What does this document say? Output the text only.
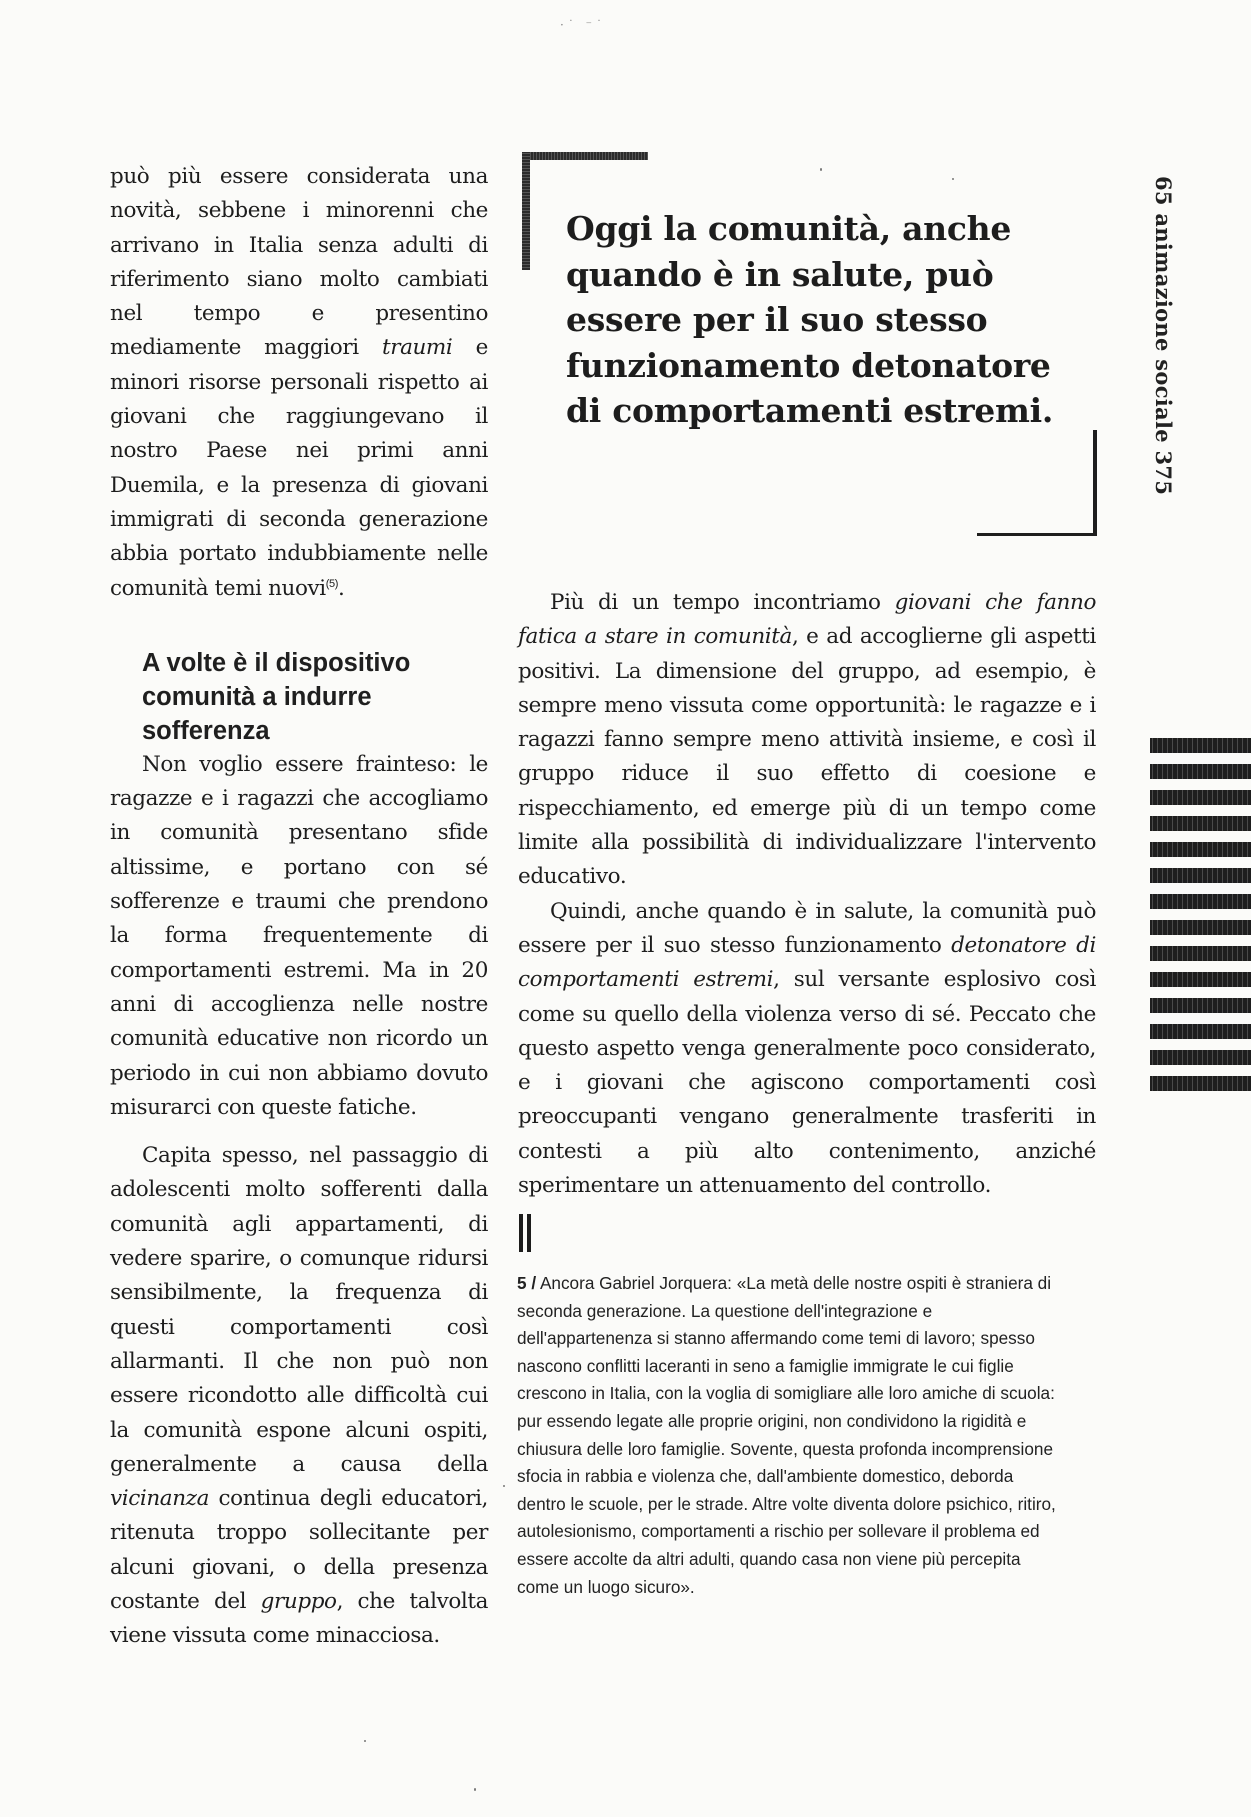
·˙ ⁻˙

può più essere considerata una novità, sebbene i minorenni che arrivano in Italia senza adulti di riferimento siano molto cambiati nel tempo e presentino mediamente maggiori traumi e minori risorse personali rispetto ai giovani che raggiungevano il nostro Paese nei primi anni Duemila, e la presenza di giovani immigrati di seconda generazione abbia portato indubbiamente nelle comunità temi nuovi$^{(5)}$.

A volte è il dispositivo comunità a indurre sofferenza

Non voglio essere frainteso: le ragazze e i ragazzi che accogliamo in comunità presentano sfide altissime, e portano con sé sofferenze e traumi che prendono la forma frequentemente di comportamenti estremi. Ma in 20 anni di accoglienza nelle nostre comunità educative non ricordo un periodo in cui non abbiamo dovuto misurarci con queste fatiche.

Capita spesso, nel passaggio di adolescenti molto sofferenti dalla comunità agli appartamenti, di vedere sparire, o comunque ridursi sensibilmente, la frequenza di questi comportamenti così allarmanti. Il che non può non essere ricondotto alle difficoltà cui la comunità espone alcuni ospiti, generalmente a causa della vicinanza continua degli educatori, ritenuta troppo sollecitante per alcuni giovani, o della presenza costante del gruppo, che talvolta viene vissuta come minacciosa.

Oggi la comunità, anche quando è in salute, può essere per il suo stesso funzionamento detonatore di comportamenti estremi.

Più di un tempo incontriamo giovani che fanno fatica a stare in comunità, e ad accoglierne gli aspetti positivi. La dimensione del gruppo, ad esempio, è sempre meno vissuta come opportunità: le ragazze e i ragazzi fanno sempre meno attività insieme, e così il gruppo riduce il suo effetto di coesione e rispecchiamento, ed emerge più di un tempo come limite alla possibilità di individualizzare l'intervento educativo.

Quindi, anche quando è in salute, la comunità può essere per il suo stesso funzionamento detonatore di comportamenti estremi, sul versante esplosivo così come su quello della violenza verso di sé. Peccato che questo aspetto venga generalmente poco considerato, e i giovani che agiscono comportamenti così preoccupanti vengano generalmente trasferiti in contesti a più alto contenimento, anziché sperimentare un attenuamento del controllo.

5 / Ancora Gabriel Jorquera: «La metà delle nostre ospiti è straniera di seconda generazione. La questione dell'integrazione e dell'appartenenza si stanno affermando come temi di lavoro; spesso nascono conflitti laceranti in seno a famiglie immigrate le cui figlie crescono in Italia, con la voglia di somigliare alle loro amiche di scuola: pur essendo legate alle proprie origini, non condividono la rigidità e chiusura delle loro famiglie. Sovente, questa profonda incomprensione sfocia in rabbia e violenza che, dall'ambiente domestico, deborda dentro le scuole, per le strade. Altre volte diventa dolore psichico, ritiro, autolesionismo, comportamenti a rischio per sollevare il problema ed essere accolte da altri adulti, quando casa non viene più percepita come un luogo sicuro».

65 animazione sociale 375
